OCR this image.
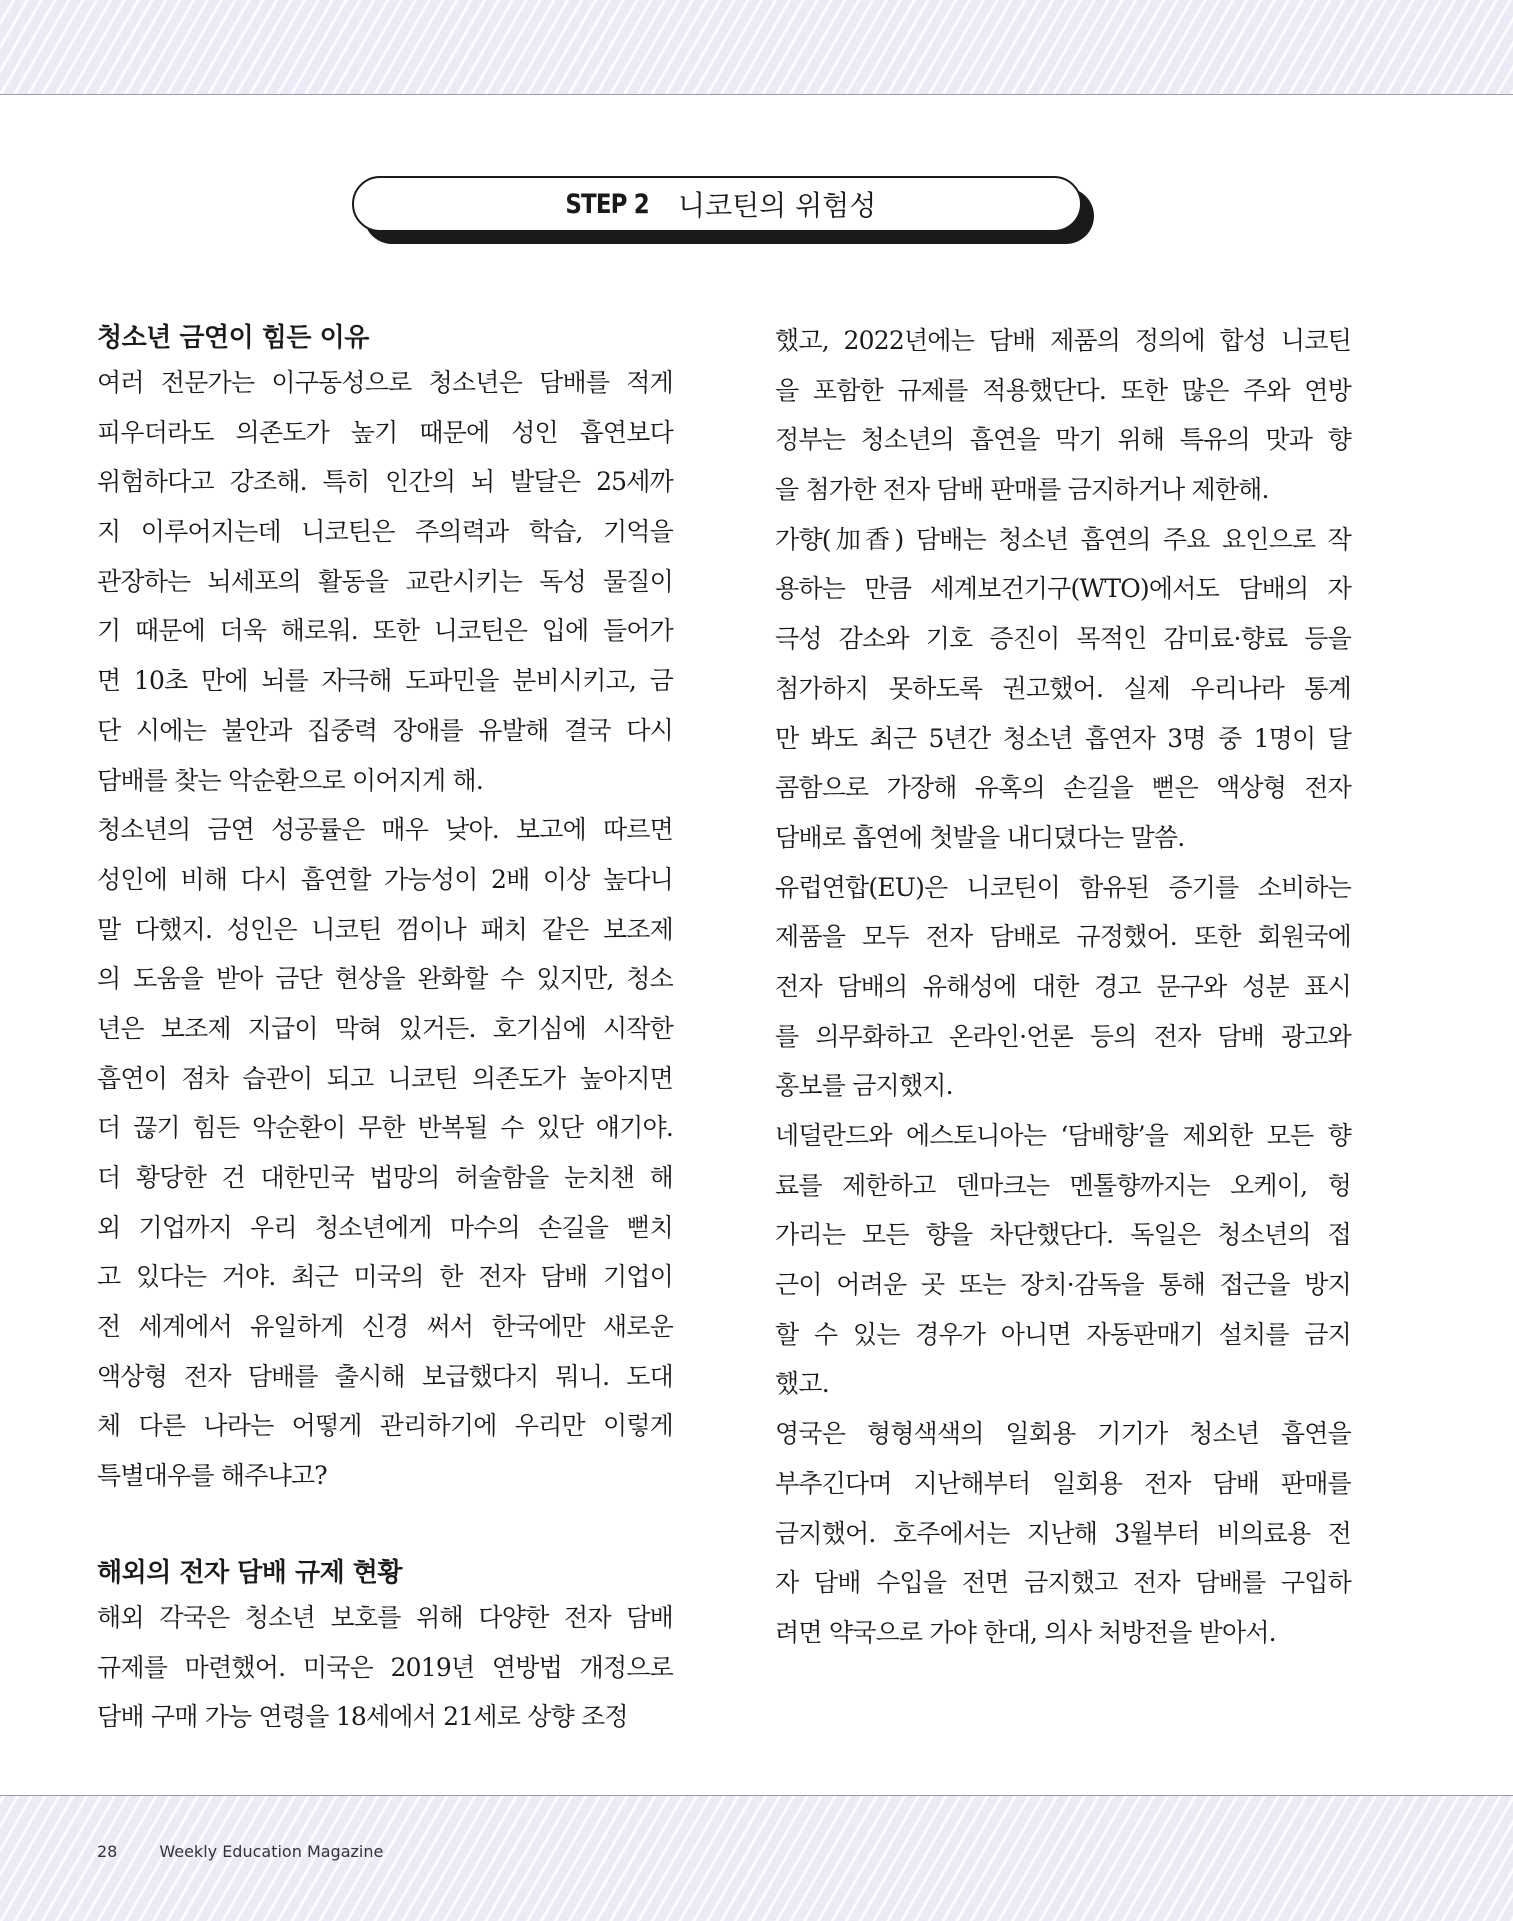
STEP 2 니코틴의 위험성
청소년 금연이 힘든 이유
여러 전문가는 이구동성으로 청소년은 담배를 적게
피우더라도 의존도가 높기 때문에 성인 흡연보다
위험하다고 강조해. 특히 인간의 뇌 발달은 25세까
지 이루어지는데 니코틴은 주의력과 학습, 기억을
관장하는 뇌세포의 활동을 교란시키는 독성 물질이
기 때문에 더욱 해로워. 또한 니코틴은 입에 들어가
면 10초 만에 뇌를 자극해 도파민을 분비시키고, 금
단 시에는 불안과 집중력 장애를 유발해 결국 다시
담배를 찾는 악순환으로 이어지게 해.
청소년의 금연 성공률은 매우 낮아. 보고에 따르면
성인에 비해 다시 흡연할 가능성이 2배 이상 높다니
말 다했지. 성인은 니코틴 껌이나 패치 같은 보조제
의 도움을 받아 금단 현상을 완화할 수 있지만, 청소
년은 보조제 지급이 막혀 있거든. 호기심에 시작한
흡연이 점차 습관이 되고 니코틴 의존도가 높아지면
더 끊기 힘든 악순환이 무한 반복될 수 있단 얘기야.
더 황당한 건 대한민국 법망의 허술함을 눈치챈 해
외 기업까지 우리 청소년에게 마수의 손길을 뻗치
고 있다는 거야. 최근 미국의 한 전자 담배 기업이
전 세계에서 유일하게 신경 써서 한국에만 새로운
액상형 전자 담배를 출시해 보급했다지 뭐니. 도대
체 다른 나라는 어떻게 관리하기에 우리만 이렇게
특별대우를 해주냐고?
해외의 전자 담배 규제 현황
해외 각국은 청소년 보호를 위해 다양한 전자 담배
규제를 마련했어. 미국은 2019년 연방법 개정으로
담배 구매 가능 연령을 18세에서 21세로 상향 조정
했고, 2022년에는 담배 제품의 정의에 합성 니코틴
을 포함한 규제를 적용했단다. 또한 많은 주와 연방
정부는 청소년의 흡연을 막기 위해 특유의 맛과 향
을 첨가한 전자 담배 판매를 금지하거나 제한해.
가향(加香) 담배는 청소년 흡연의 주요 요인으로 작
용하는 만큼 세계보건기구(WTO)에서도 담배의 자
극성 감소와 기호 증진이 목적인 감미료·향료 등을
첨가하지 못하도록 권고했어. 실제 우리나라 통계
만 봐도 최근 5년간 청소년 흡연자 3명 중 1명이 달
콤함으로 가장해 유혹의 손길을 뻗은 액상형 전자
담배로 흡연에 첫발을 내디뎠다는 말씀.
유럽연합(EU)은 니코틴이 함유된 증기를 소비하는
제품을 모두 전자 담배로 규정했어. 또한 회원국에
전자 담배의 유해성에 대한 경고 문구와 성분 표시
를 의무화하고 온라인·언론 등의 전자 담배 광고와
홍보를 금지했지.
네덜란드와 에스토니아는 ‘담배향’을 제외한 모든 향
료를 제한하고 덴마크는 멘톨향까지는 오케이, 헝
가리는 모든 향을 차단했단다. 독일은 청소년의 접
근이 어려운 곳 또는 장치·감독을 통해 접근을 방지
할 수 있는 경우가 아니면 자동판매기 설치를 금지
했고.
영국은 형형색색의 일회용 기기가 청소년 흡연을
부추긴다며 지난해부터 일회용 전자 담배 판매를
금지했어. 호주에서는 지난해 3월부터 비의료용 전
자 담배 수입을 전면 금지했고 전자 담배를 구입하
려면 약국으로 가야 한대, 의사 처방전을 받아서.
28	Weekly Education Magazine
